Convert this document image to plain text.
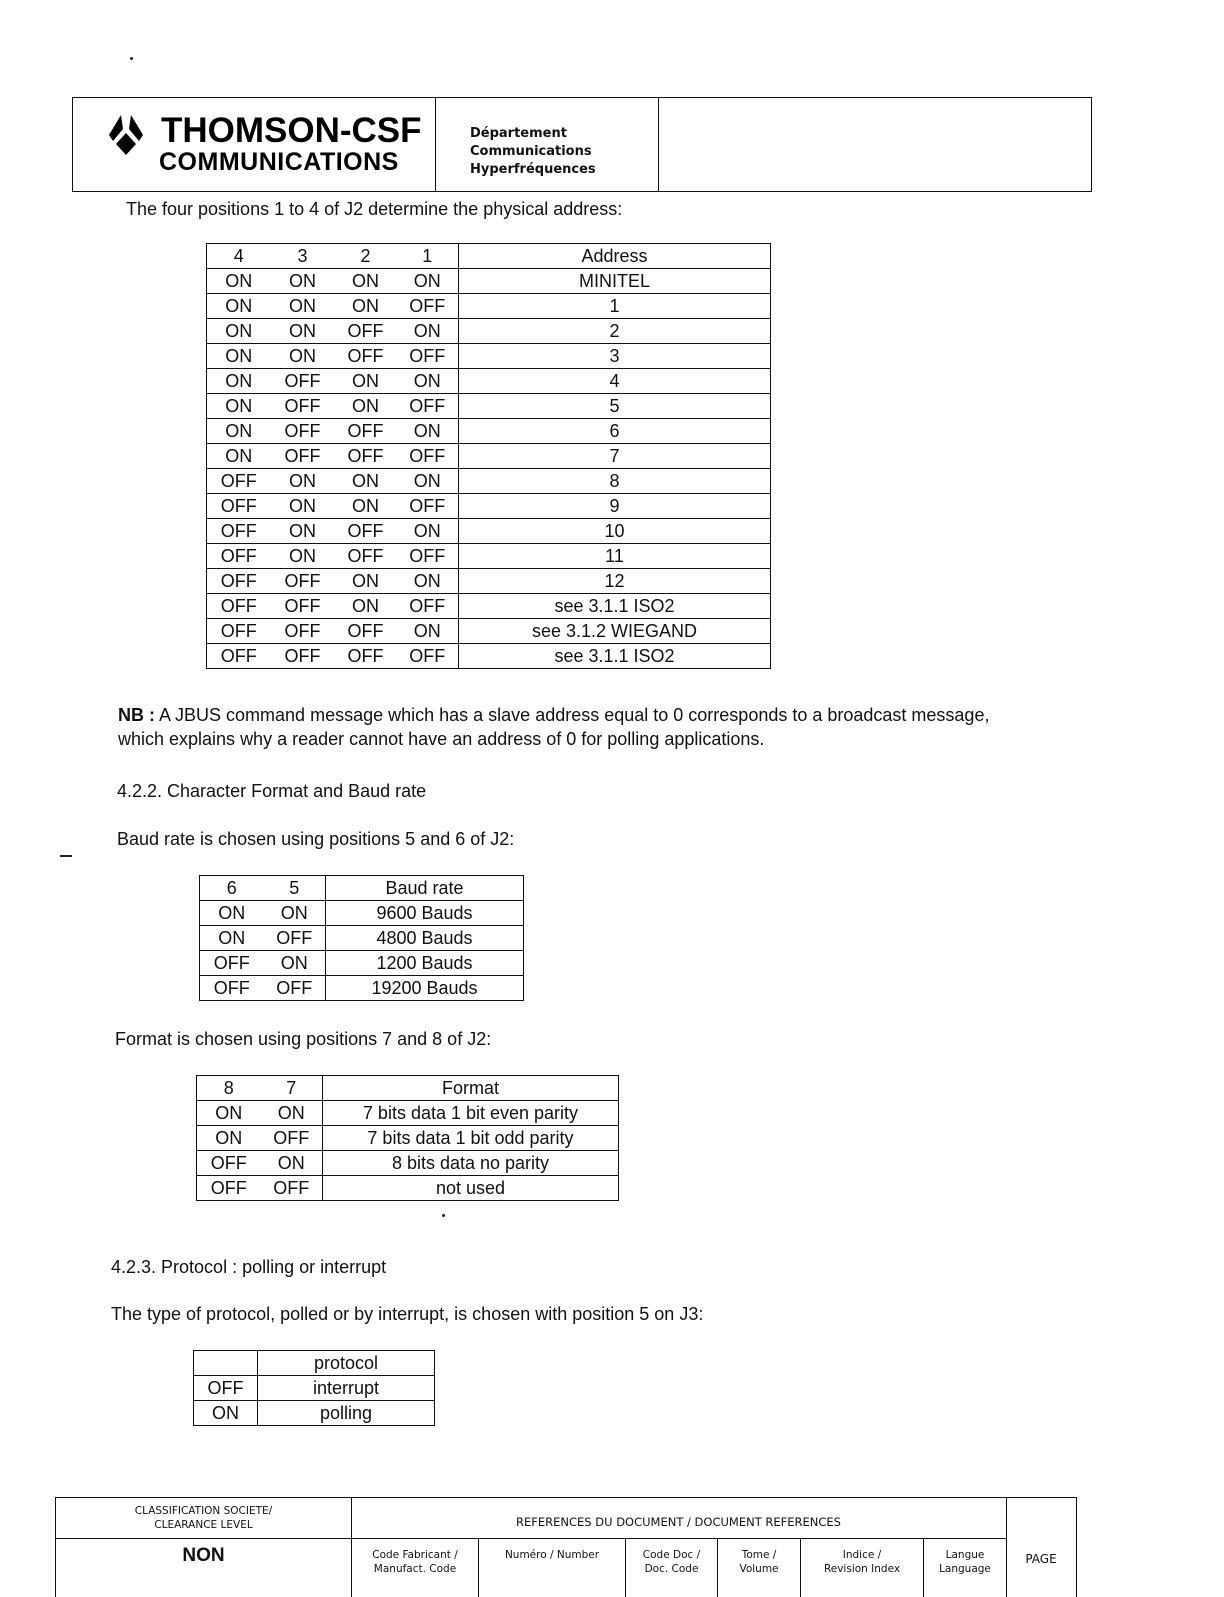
THOMSON-CSF
COMMUNICATIONS
Département
Communications
Hyperfréquences
The four positions 1 to 4 of J2 determine the physical address:
4	3	2	1	Address
ON	ON	ON	ON	MINITEL
ON	ON	ON	OFF	1
ON	ON	OFF	ON	2
ON	ON	OFF	OFF	3
ON	OFF	ON	ON	4
ON	OFF	ON	OFF	5
ON	OFF	OFF	ON	6
ON	OFF	OFF	OFF	7
OFF	ON	ON	ON	8
OFF	ON	ON	OFF	9
OFF	ON	OFF	ON	10
OFF	ON	OFF	OFF	11
OFF	OFF	ON	ON	12
OFF	OFF	ON	OFF	see 3.1.1 ISO2
OFF	OFF	OFF	ON	see 3.1.2 WIEGAND
OFF	OFF	OFF	OFF	see 3.1.1 ISO2
NB : A JBUS command message which has a slave address equal to 0 corresponds to a broadcast message,
which explains why a reader cannot have an address of 0 for polling applications.
4.2.2. Character Format and Baud rate
Baud rate is chosen using positions 5 and 6 of J2:
6	5	Baud rate
ON	ON	9600 Bauds
ON	OFF	4800 Bauds
OFF	ON	1200 Bauds
OFF	OFF	19200 Bauds
Format is chosen using positions 7 and 8 of J2:
8	7	Format
ON	ON	7 bits data 1 bit even parity
ON	OFF	7 bits data 1 bit odd parity
OFF	ON	8 bits data no parity
OFF	OFF	not used
4.2.3. Protocol : polling or interrupt
The type of protocol, polled or by interrupt, is chosen with position 5 on J3:
	protocol
OFF	interrupt
ON	polling
CLASSIFICATION SOCIETE/
CLEARANCE LEVEL
NON
REFERENCES DU DOCUMENT / DOCUMENT REFERENCES
Code Fabricant /
Manufact. Code
Numéro / Number	Code Doc /
Doc. Code
Tome /
Volume
Indice /
Revision Index
Langue
Language
PAGE
